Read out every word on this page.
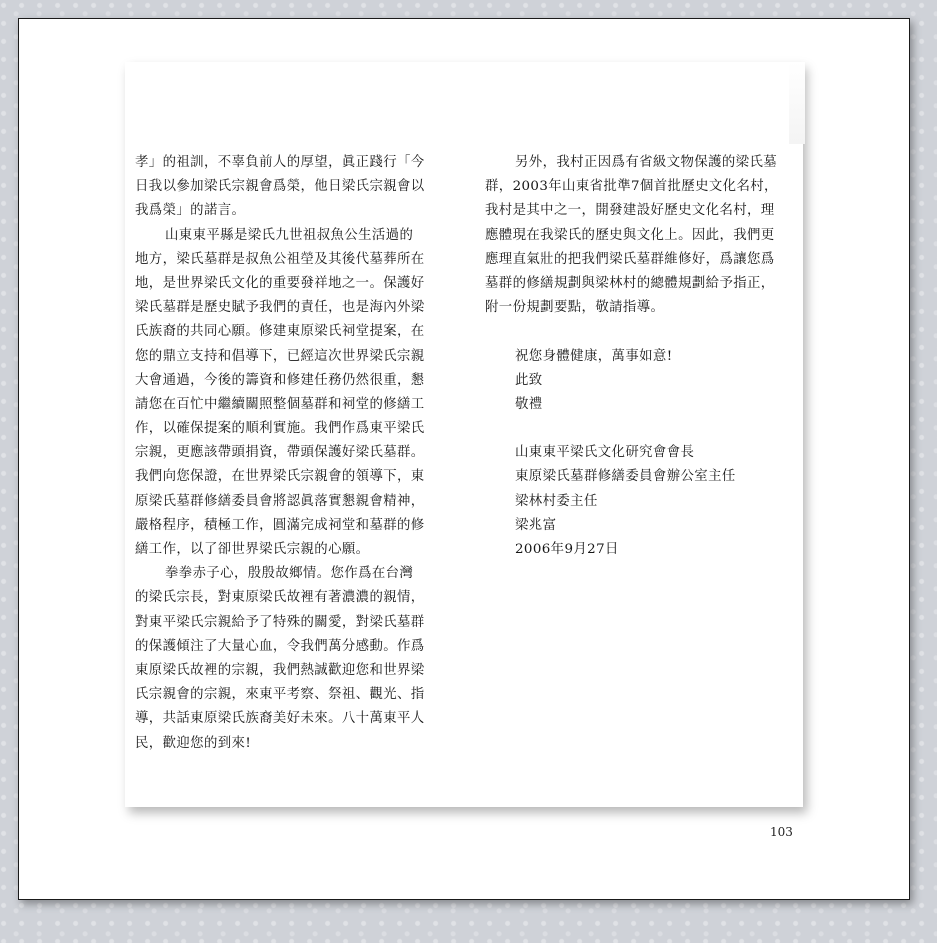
孝」的祖訓，不辜負前人的厚望，眞正踐行「今
日我以參加梁氏宗親會爲榮，他日梁氏宗親會以
我爲榮」的諾言。
山東東平縣是梁氏九世祖叔魚公生活過的
地方，梁氏墓群是叔魚公祖塋及其後代墓葬所在
地，是世界梁氏文化的重要發祥地之一。保護好
梁氏墓群是歷史賦予我們的責任，也是海內外梁
氏族裔的共同心願。修建東原梁氏祠堂提案，在
您的鼎立支持和倡導下，已經這次世界梁氏宗親
大會通過，今後的籌資和修建任務仍然很重，懇
請您在百忙中繼續關照整個墓群和祠堂的修繕工
作，以確保提案的順利實施。我們作爲東平梁氏
宗親，更應該帶頭捐資，帶頭保護好梁氏墓群。
我們向您保證，在世界梁氏宗親會的領導下，東
原梁氏墓群修繕委員會將認眞落實懇親會精神，
嚴格程序，積極工作，圓滿完成祠堂和墓群的修
繕工作，以了卻世界梁氏宗親的心願。
拳拳赤子心，殷殷故鄉情。您作爲在台灣
的梁氏宗長，對東原梁氏故裡有著濃濃的親情，
對東平梁氏宗親給予了特殊的關愛，對梁氏墓群
的保護傾注了大量心血，令我們萬分感動。作爲
東原梁氏故裡的宗親，我們熱誠歡迎您和世界梁
氏宗親會的宗親，來東平考察、祭祖、觀光、指
導，共話東原梁氏族裔美好未來。八十萬東平人
民，歡迎您的到來!
另外，我村正因爲有省級文物保護的梁氏墓
群，2003年山東省批準7個首批歷史文化名村，
我村是其中之一，開發建設好歷史文化名村，理
應體現在我梁氏的歷史與文化上。因此，我們更
應理直氣壯的把我們梁氏墓群維修好，爲讓您爲
墓群的修繕規劃與梁林村的總體規劃給予指正，
附一份規劃要點，敬請指導。
祝您身體健康，萬事如意!
此致
敬禮
山東東平梁氏文化研究會會長
東原梁氏墓群修繕委員會辦公室主任
梁林村委主任
梁兆富
2006年9月27日
103
